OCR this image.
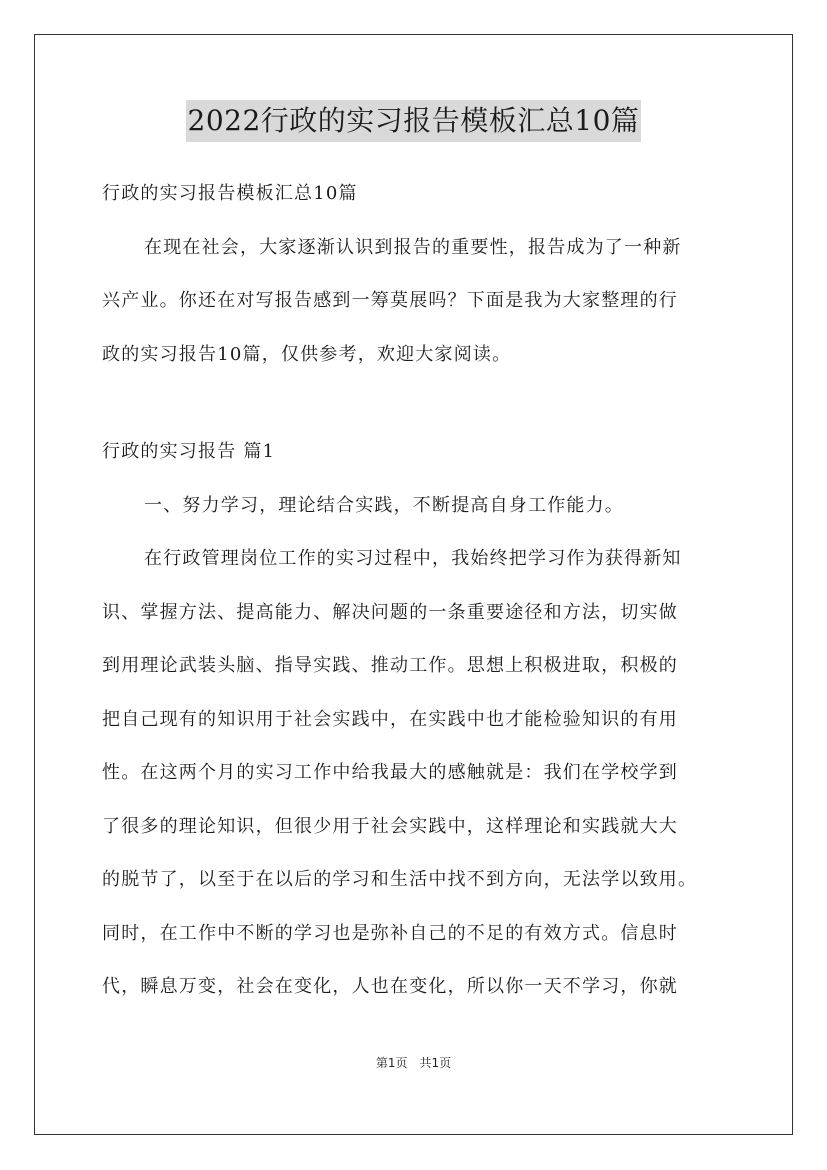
2022行政的实习报告模板汇总10篇
行政的实习报告模板汇总10篇
在现在社会，大家逐渐认识到报告的重要性，报告成为了一种新
兴产业。你还在对写报告感到一筹莫展吗？下面是我为大家整理的行
政的实习报告10篇，仅供参考，欢迎大家阅读。
行政的实习报告 篇1
一、努力学习，理论结合实践，不断提高自身工作能力。
在行政管理岗位工作的实习过程中，我始终把学习作为获得新知
识、掌握方法、提高能力、解决问题的一条重要途径和方法，切实做
到用理论武装头脑、指导实践、推动工作。思想上积极进取，积极的
把自己现有的知识用于社会实践中，在实践中也才能检验知识的有用
性。在这两个月的实习工作中给我最大的感触就是：我们在学校学到
了很多的理论知识，但很少用于社会实践中，这样理论和实践就大大
的脱节了，以至于在以后的学习和生活中找不到方向，无法学以致用。
同时，在工作中不断的学习也是弥补自己的不足的有效方式。信息时
代，瞬息万变，社会在变化，人也在变化，所以你一天不学习，你就
第1页 共1页
